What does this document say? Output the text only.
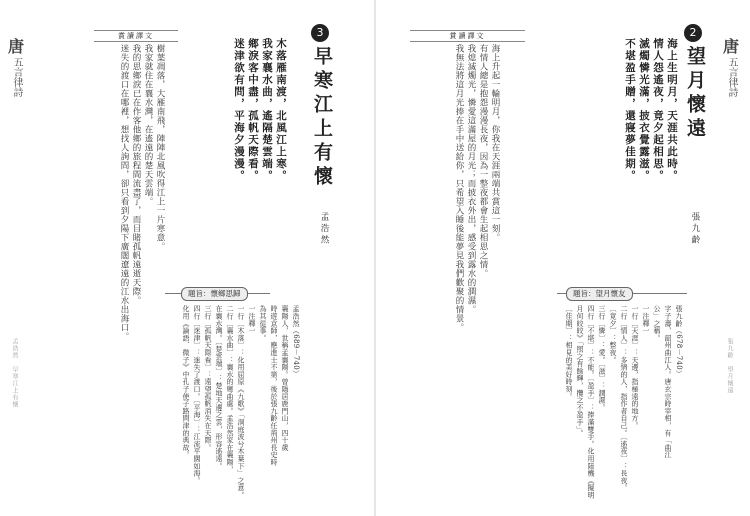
唐
五言律詩
孟浩然　早寒江上有懷
賞讀譯文
樹葉凋落，大雁南飛，陣陣北風吹得江上一片寒意。
我家就住在襄水灣，在遙遠的楚天雲端。
我的思鄉淚已在作客他鄉的旅程間流盡了，而目睹孤帆遠逝天際。
迷失的渡口在哪裡，想找人詢問，卻只看到夕陽下廣闊遼遠的江水出海口。
3
早寒江上有懷
木落雁南渡，北風江上寒。
我家襄水曲，遙隔楚雲端。
鄉淚客中盡，孤帆天際看。
迷津欲有問，平海夕漫漫。
孟浩然
題旨：懷鄉思歸
孟浩然（689－740）
襄陽人，世稱孟襄陽。曾隱居鹿門山，四十歲
時遊京師，應進士不第，後於張九齡任荊州長史時
為其從事。
一注釋一
一行〔木落〕：化用屈原《九歌》「洞庭波兮木葉下」之意。
二行〔襄水曲〕：襄水的彎曲處。孟浩然家在襄陽，
在襄水灣。〔楚雲端〕：楚地天邊之雲，形容遙遠。
三行〔孤帆天際看〕：遠望孤帆消失在天際。
四行〔迷津〕：迷失了渡口。〔平海〕：江流平闊如海。
化用《論語．微子》中孔子使子路問津的典故。
賞讀譯文
海上升起一輪明月，你我在天涯兩端共賞這一刻。
有情人總是抱怨漫漫長夜，因為一整夜都會生起相思之情。
我熄滅燭光，憐愛這滿屋的月光；而披衣外出，感受到露水的潤濕。
我無法將這月光捧在手中送給你，只希望入睡後能夢見我們歡聚的情景。
2
望月懷遠
海上生明月，天涯共此時。
情人怨遙夜，竟夕起相思。
滅燭憐光滿，披衣覺露滋。
不堪盈手贈，還寢夢佳期。
張九齡
題旨：望月懷友
張九齡（678－740）
字子壽，韶州曲江人。唐玄宗時宰相，有「曲江
公」之稱。
一注釋一
一行〔天涯〕：天邊，指極遠的地方。
二行〔情人〕：多情的人，指作者自己。〔遙夜〕：長夜。
〔竟夕〕：整夜。
三行〔憐〕：愛。〔滋〕：潤濕。
四行〔不堪〕：不能。〔盈手〕：捧滿雙手。化用陸機《擬明
月何皎皎》「照之有餘輝，攬之不盈手」。
〔佳期〕：相見的美好時刻。
唐
五言律詩
張九齡　望月懷遠
